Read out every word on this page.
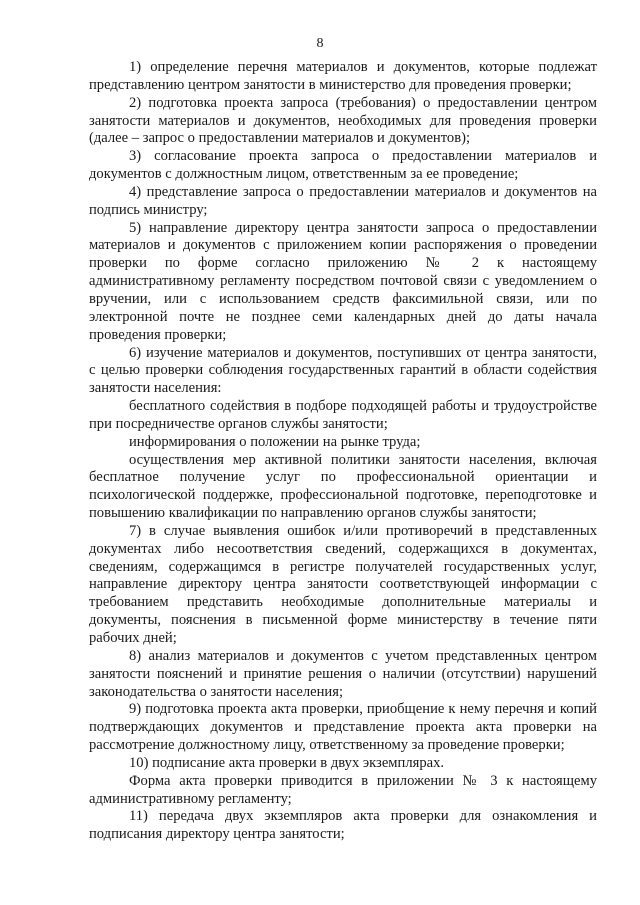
8

1) определение перечня материалов и документов, которые подлежат представлению центром занятости в министерство для проведения проверки;

2) подготовка проекта запроса (требования) о предоставлении центром занятости материалов и документов, необходимых для проведения проверки (далее – запрос о предоставлении материалов и документов);

3) согласование проекта запроса о предоставлении материалов и документов с должностным лицом, ответственным за ее проведение;

4) представление запроса о предоставлении материалов и документов на подпись министру;

5) направление директору центра занятости запроса о предоставлении материалов и документов с приложением копии распоряжения о проведении проверки по форме согласно приложению № 2 к настоящему административному регламенту посредством почтовой связи с уведомлением о вручении, или с использованием средств факсимильной связи, или по электронной почте не позднее семи календарных дней до даты начала проведения проверки;

6) изучение материалов и документов, поступивших от центра занятости, с целью проверки соблюдения государственных гарантий в области содействия занятости населения:

бесплатного содействия в подборе подходящей работы и трудоустройстве при посредничестве органов службы занятости;

информирования о положении на рынке труда;

осуществления мер активной политики занятости населения, включая бесплатное получение услуг по профессиональной ориентации и психологической поддержке, профессиональной подготовке, переподготовке и повышению квалификации по направлению органов службы занятости;

7) в случае выявления ошибок и/или противоречий в представленных документах либо несоответствия сведений, содержащихся в документах, сведениям, содержащимся в регистре получателей государственных услуг, направление директору центра занятости соответствующей информации с требованием представить необходимые дополнительные материалы и документы, пояснения в письменной форме министерству в течение пяти рабочих дней;

8) анализ материалов и документов с учетом представленных центром занятости пояснений и принятие решения о наличии (отсутствии) нарушений законодательства о занятости населения;

9) подготовка проекта акта проверки, приобщение к нему перечня и копий подтверждающих документов и представление проекта акта проверки на рассмотрение должностному лицу, ответственному за проведение проверки;

10) подписание акта проверки в двух экземплярах.

Форма акта проверки приводится в приложении № 3 к настоящему административному регламенту;

11) передача двух экземпляров акта проверки для ознакомления и подписания директору центра занятости;
